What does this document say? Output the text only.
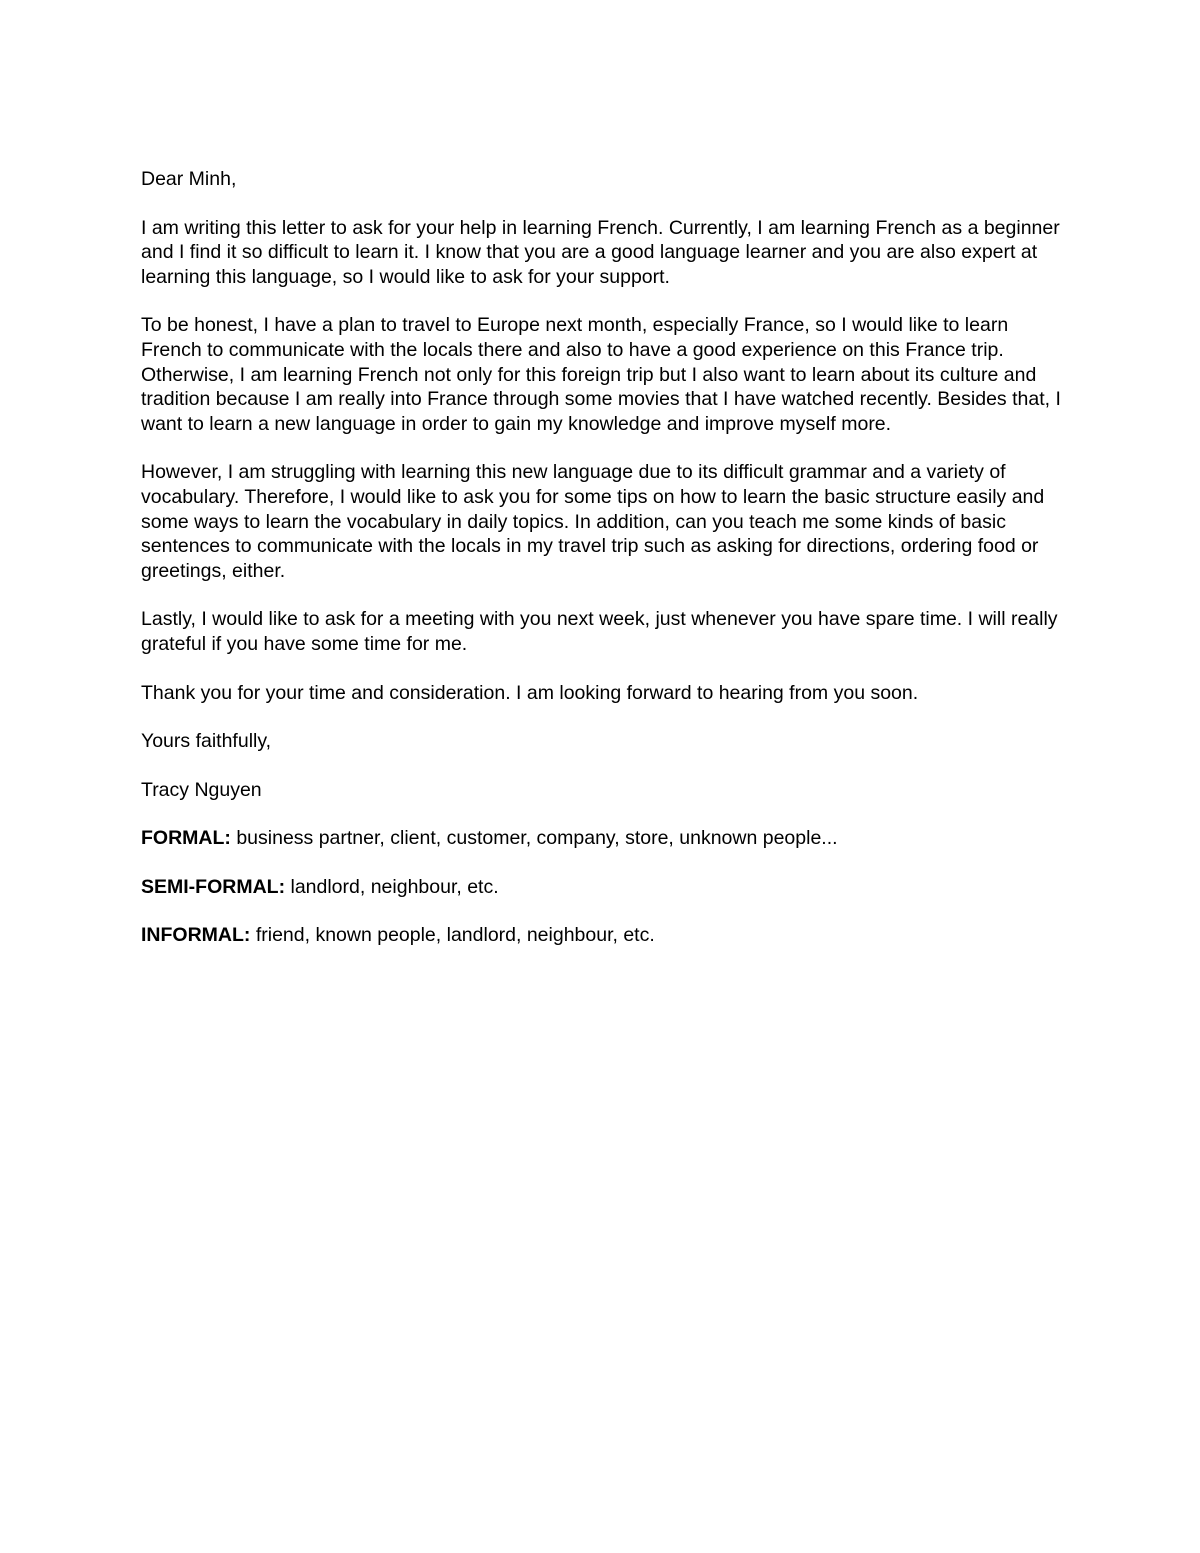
Dear Minh,

I am writing this letter to ask for your help in learning French. Currently, I am learning French as a beginner and I find it so difficult to learn it. I know that you are a good language learner and you are also expert at learning this language, so I would like to ask for your support.

To be honest, I have a plan to travel to Europe next month, especially France, so I would like to learn French to communicate with the locals there and also to have a good experience on this France trip. Otherwise, I am learning French not only for this foreign trip but I also want to learn about its culture and tradition because I am really into France through some movies that I have watched recently. Besides that, I want to learn a new language in order to gain my knowledge and improve myself more.

However, I am struggling with learning this new language due to its difficult grammar and a variety of vocabulary. Therefore, I would like to ask you for some tips on how to learn the basic structure easily and some ways to learn the vocabulary in daily topics. In addition, can you teach me some kinds of basic sentences to communicate with the locals in my travel trip such as asking for directions, ordering food or greetings, either.

Lastly, I would like to ask for a meeting with you next week, just whenever you have spare time. I will really grateful if you have some time for me.

Thank you for your time and consideration. I am looking forward to hearing from you soon.

Yours faithfully,

Tracy Nguyen

FORMAL: business partner, client, customer, company, store, unknown people...

SEMI-FORMAL: landlord, neighbour, etc.

INFORMAL: friend, known people, landlord, neighbour, etc.
